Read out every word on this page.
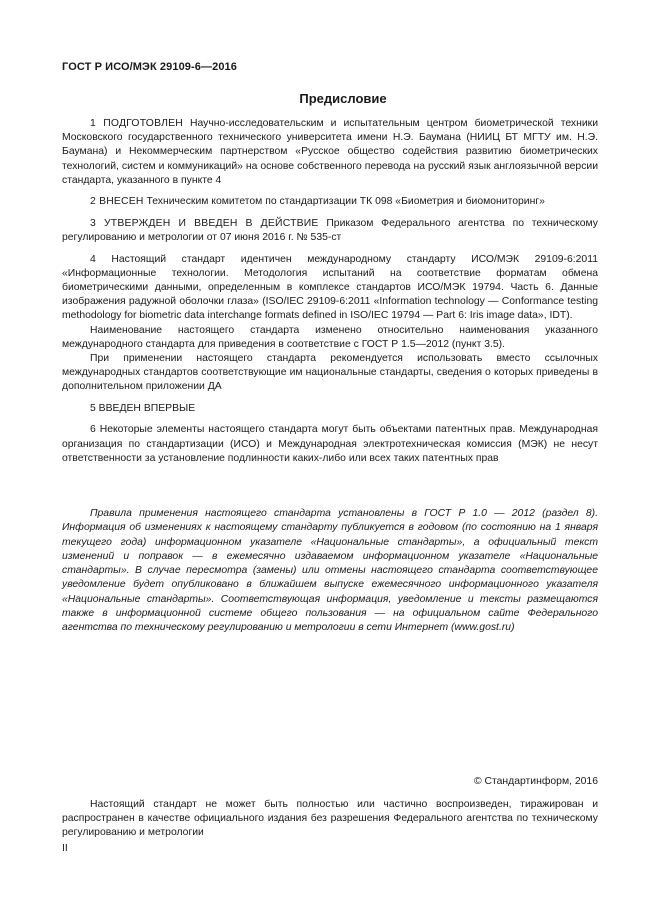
ГОСТ Р ИСО/МЭК 29109-6—2016
Предисловие

1 ПОДГОТОВЛЕН Научно-исследовательским и испытательным центром биометрической техники Московского государственного технического университета имени Н.Э. Баумана (НИИЦ БТ МГТУ им. Н.Э. Баумана) и Некоммерческим партнерством «Русское общество содействия развитию биометрических технологий, систем и коммуникаций» на основе собственного перевода на русский язык англоязычной версии стандарта, указанного в пункте 4

2 ВНЕСЕН Техническим комитетом по стандартизации ТК 098 «Биометрия и биомониторинг»

3 УТВЕРЖДЕН И ВВЕДЕН В ДЕЙСТВИЕ Приказом Федерального агентства по техническому регулированию и метрологии от 07 июня 2016 г. № 535-ст

4 Настоящий стандарт идентичен международному стандарту ИСО/МЭК 29109-6:2011 «Информационные технологии. Методология испытаний на соответствие форматам обмена биометрическими данными, определенным в комплексе стандартов ИСО/МЭК 19794. Часть 6. Данные изображения радужной оболочки глаза» (ISO/IEC 29109-6:2011 «Information technology — Conformance testing methodology for biometric data interchange formats defined in ISO/IEC 19794 — Part 6: Iris image data», IDT).

Наименование настоящего стандарта изменено относительно наименования указанного международного стандарта для приведения в соответствие с ГОСТ Р 1.5—2012 (пункт 3.5).

При применении настоящего стандарта рекомендуется использовать вместо ссылочных международных стандартов соответствующие им национальные стандарты, сведения о которых приведены в дополнительном приложении ДА

5 ВВЕДЕН ВПЕРВЫЕ

6 Некоторые элементы настоящего стандарта могут быть объектами патентных прав. Международная организация по стандартизации (ИСО) и Международная электротехническая комиссия (МЭК) не несут ответственности за установление подлинности каких-либо или всех таких патентных прав

Правила применения настоящего стандарта установлены в ГОСТ Р 1.0 — 2012 (раздел 8). Информация об изменениях к настоящему стандарту публикуется в годовом (по состоянию на 1 января текущего года) информационном указателе «Национальные стандарты», а официальный текст изменений и поправок — в ежемесячно издаваемом информационном указателе «Национальные стандарты». В случае пересмотра (замены) или отмены настоящего стандарта соответствующее уведомление будет опубликовано в ближайшем выпуске ежемесячного информационного указателя «Национальные стандарты». Соответствующая информация, уведомление и тексты размещаются также в информационной системе общего пользования — на официальном сайте Федерального агентства по техническому регулированию и метрологии в сети Интернет (www.gost.ru)
© Стандартинформ, 2016
Настоящий стандарт не может быть полностью или частично воспроизведен, тиражирован и распространен в качестве официального издания без разрешения Федерального агентства по техническому регулированию и метрологии
II
